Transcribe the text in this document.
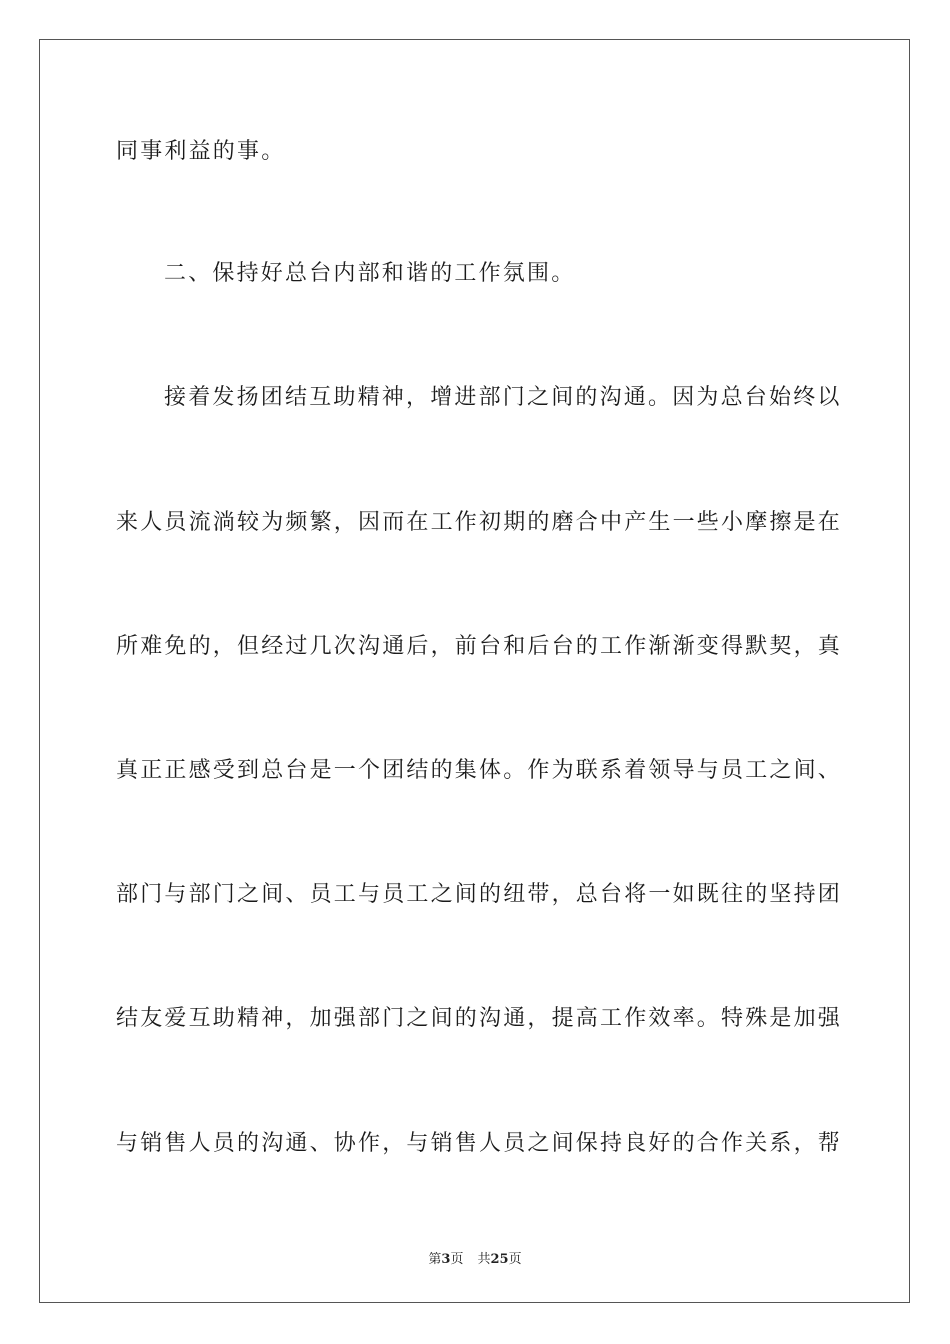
同事利益的事。
二、保持好总台内部和谐的工作氛围。
接着发扬团结互助精神，增进部门之间的沟通。因为总台始终以
来人员流淌较为频繁，因而在工作初期的磨合中产生一些小摩擦是在
所难免的，但经过几次沟通后，前台和后台的工作渐渐变得默契，真
真正正感受到总台是一个团结的集体。作为联系着领导与员工之间、
部门与部门之间、员工与员工之间的纽带，总台将一如既往的坚持团
结友爱互助精神，加强部门之间的沟通，提高工作效率。特殊是加强
与销售人员的沟通、协作，与销售人员之间保持良好的合作关系，帮
第3页 共25页
